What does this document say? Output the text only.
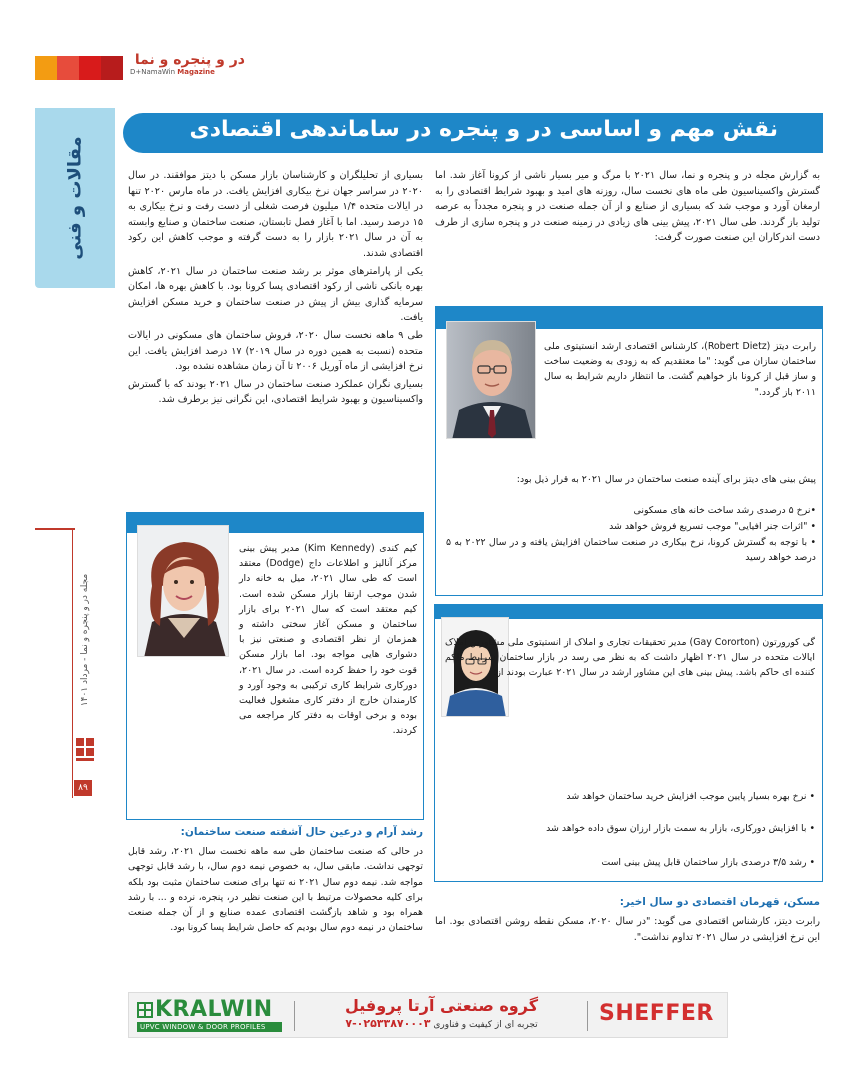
در و پنجره و نما
D+NamaWin Magazine
مقالات و فنی
نقش مهم و اساسی در و پنجره در ساماندهی اقتصادی
مجله در و پنجره و نما - مرداد ۱۴۰۱
۸۹
به گزارش مجله در و پنجره و نما، سال ۲۰۲۱ با مرگ و میر بسیار ناشی از کرونا آغاز شد. اما گسترش واکسیناسیون طی ماه های نخست سال، روزنه های امید و بهبود شرایط اقتصادی را به ارمغان آورد و موجب شد که بسیاری از صنایع و از آن جمله صنعت در و پنجره مجدداً به عرصه تولید باز گردند. طی سال ۲۰۲۱، پیش بینی های زیادی در زمینه صنعت در و پنجره سازی از طرف دست اندرکاران این صنعت صورت گرفت:

بسیاری از تحلیلگران و کارشناسان بازار مسکن با دیتز موافقند. در سال ۲۰۲۰ در سراسر جهان نرخ بیکاری افزایش یافت. در ماه مارس ۲۰۲۰ تنها در ایالات متحده ۱/۴ میلیون فرصت شغلی از دست رفت و نرخ بیکاری به ۱۵ درصد رسید. اما با آغاز فصل تابستان، صنعت ساختمان و صنایع وابسته به آن در سال ۲۰۲۱ بازار را به دست گرفته و موجب کاهش این رکود اقتصادی شدند.

یکی از پارامترهای موثر بر رشد صنعت ساختمان در سال ۲۰۲۱، کاهش بهره بانکی ناشی از رکود اقتصادی پسا کرونا بود. با کاهش بهره ها، امکان سرمایه گذاری بیش از پیش در صنعت ساختمان و خرید مسکن افزایش یافت.

طی ۹ ماهه نخست سال ۲۰۲۰، فروش ساختمان های مسکونی در ایالات متحده (نسبت به همین دوره در سال ۲۰۱۹) ۱۷ درصد افزایش یافت. این نرخ افزایشی از ماه آوریل ۲۰۰۶ تا آن زمان مشاهده نشده بود.

بسیاری نگران عملکرد صنعت ساختمان در سال ۲۰۲۱ بودند که با گسترش واکسیناسیون و بهبود شرایط اقتصادی، این نگرانی نیز برطرف شد.

رابرت دیتز (Robert Dietz)، کارشناس اقتصادی ارشد انستیتوی ملی ساختمان سازان می گوید: "ما معتقدیم که به زودی به وضعیت ساخت و ساز قبل از کرونا باز خواهیم گشت. ما انتظار داریم شرایط به سال ۲۰۱۱ باز گردد."
پیش بینی های دیتز برای آینده صنعت ساختمان در سال ۲۰۲۱ به قرار ذیل بود:
•نرخ ۵ درصدی رشد ساخت خانه های مسکونی
• "اثرات جنر افیایی" موجب تسریع فروش خواهد شد
• با توجه به گسترش کرونا، نرخ بیکاری در صنعت ساختمان افزایش یافته و در سال ۲۰۲۲ به ۵ درصد خواهد رسید
کیم کندی (Kim Kennedy) مدیر پیش بینی مرکز آنالیز و اطلاعات داج (Dodge) معتقد است که طی سال ۲۰۲۱، میل به خانه دار شدن موجب ارتقا بازار مسکن شده است. کیم معتقد است که سال ۲۰۲۱ برای بازار ساختمان و مسکن آغاز سختی داشته و همزمان از نظر اقتصادی و صنعتی نیز با دشواری هایی مواجه بود. اما بازار مسکن قوت خود را حفظ کرده است. در سال ۲۰۲۱، دورکاری شرایط کاری ترکیبی به وجود آورد و کارمندان خارج از دفتر کاری مشغول فعالیت بوده و برخی اوقات به دفتر کار مراجعه می کردند.
گی کورورتون (Gay Cororton) مدیر تحقیقات تجاری و املاک از انستیتوی ملی مشاورین املاک ایالات متحده در سال ۲۰۲۱ اظهار داشت که به نظر می رسد در بازار ساختمان شرایط ملکم کننده ای حاکم باشد. پیش بینی های این مشاور ارشد در سال ۲۰۲۱ عبارت بودند از:
• نرخ بهره بسیار پایین موجب افزایش خرید ساختمان خواهد شد
• با افزایش دورکاری، بازار به سمت بازار ارزان سوق داده خواهد شد
• رشد ۳/۵ درصدی بازار ساختمان قابل پیش بینی است
رشد آرام و درعین حال آشفته صنعت ساختمان:
در حالی که صنعت ساختمان طی سه ماهه نخست سال ۲۰۲۱، رشد قابل توجهی نداشت. مابقی سال، به خصوص نیمه دوم سال، با رشد قابل توجهی مواجه شد. نیمه دوم سال ۲۰۲۱ نه تنها برای صنعت ساختمان مثبت بود بلکه برای کلیه محصولات مرتبط با این صنعت نظیر در، پنجره، نرده و ... با رشد همراه بود و شاهد بازگشت اقتصادی عمده صنایع و از آن جمله صنعت ساختمان در نیمه دوم سال بودیم که حاصل شرایط پسا کرونا بود.
مسکن، قهرمان اقتصادی دو سال اخیر:
رابرت دیتز، کارشناس اقتصادی می گوید: "در سال ۲۰۲۰، مسکن نقطه روشن اقتصادی بود. اما این نرخ افزایشی در سال ۲۰۲۱ تداوم نداشت".
KRALWIN
UPVC WINDOW & DOOR PROFILES
گروه صنعتی آرتا پروفیل
تجربه ای از کیفیت و فناوری ۰۲۵۳۳۸۷۰۰۰۳-۷	SHEFFER
